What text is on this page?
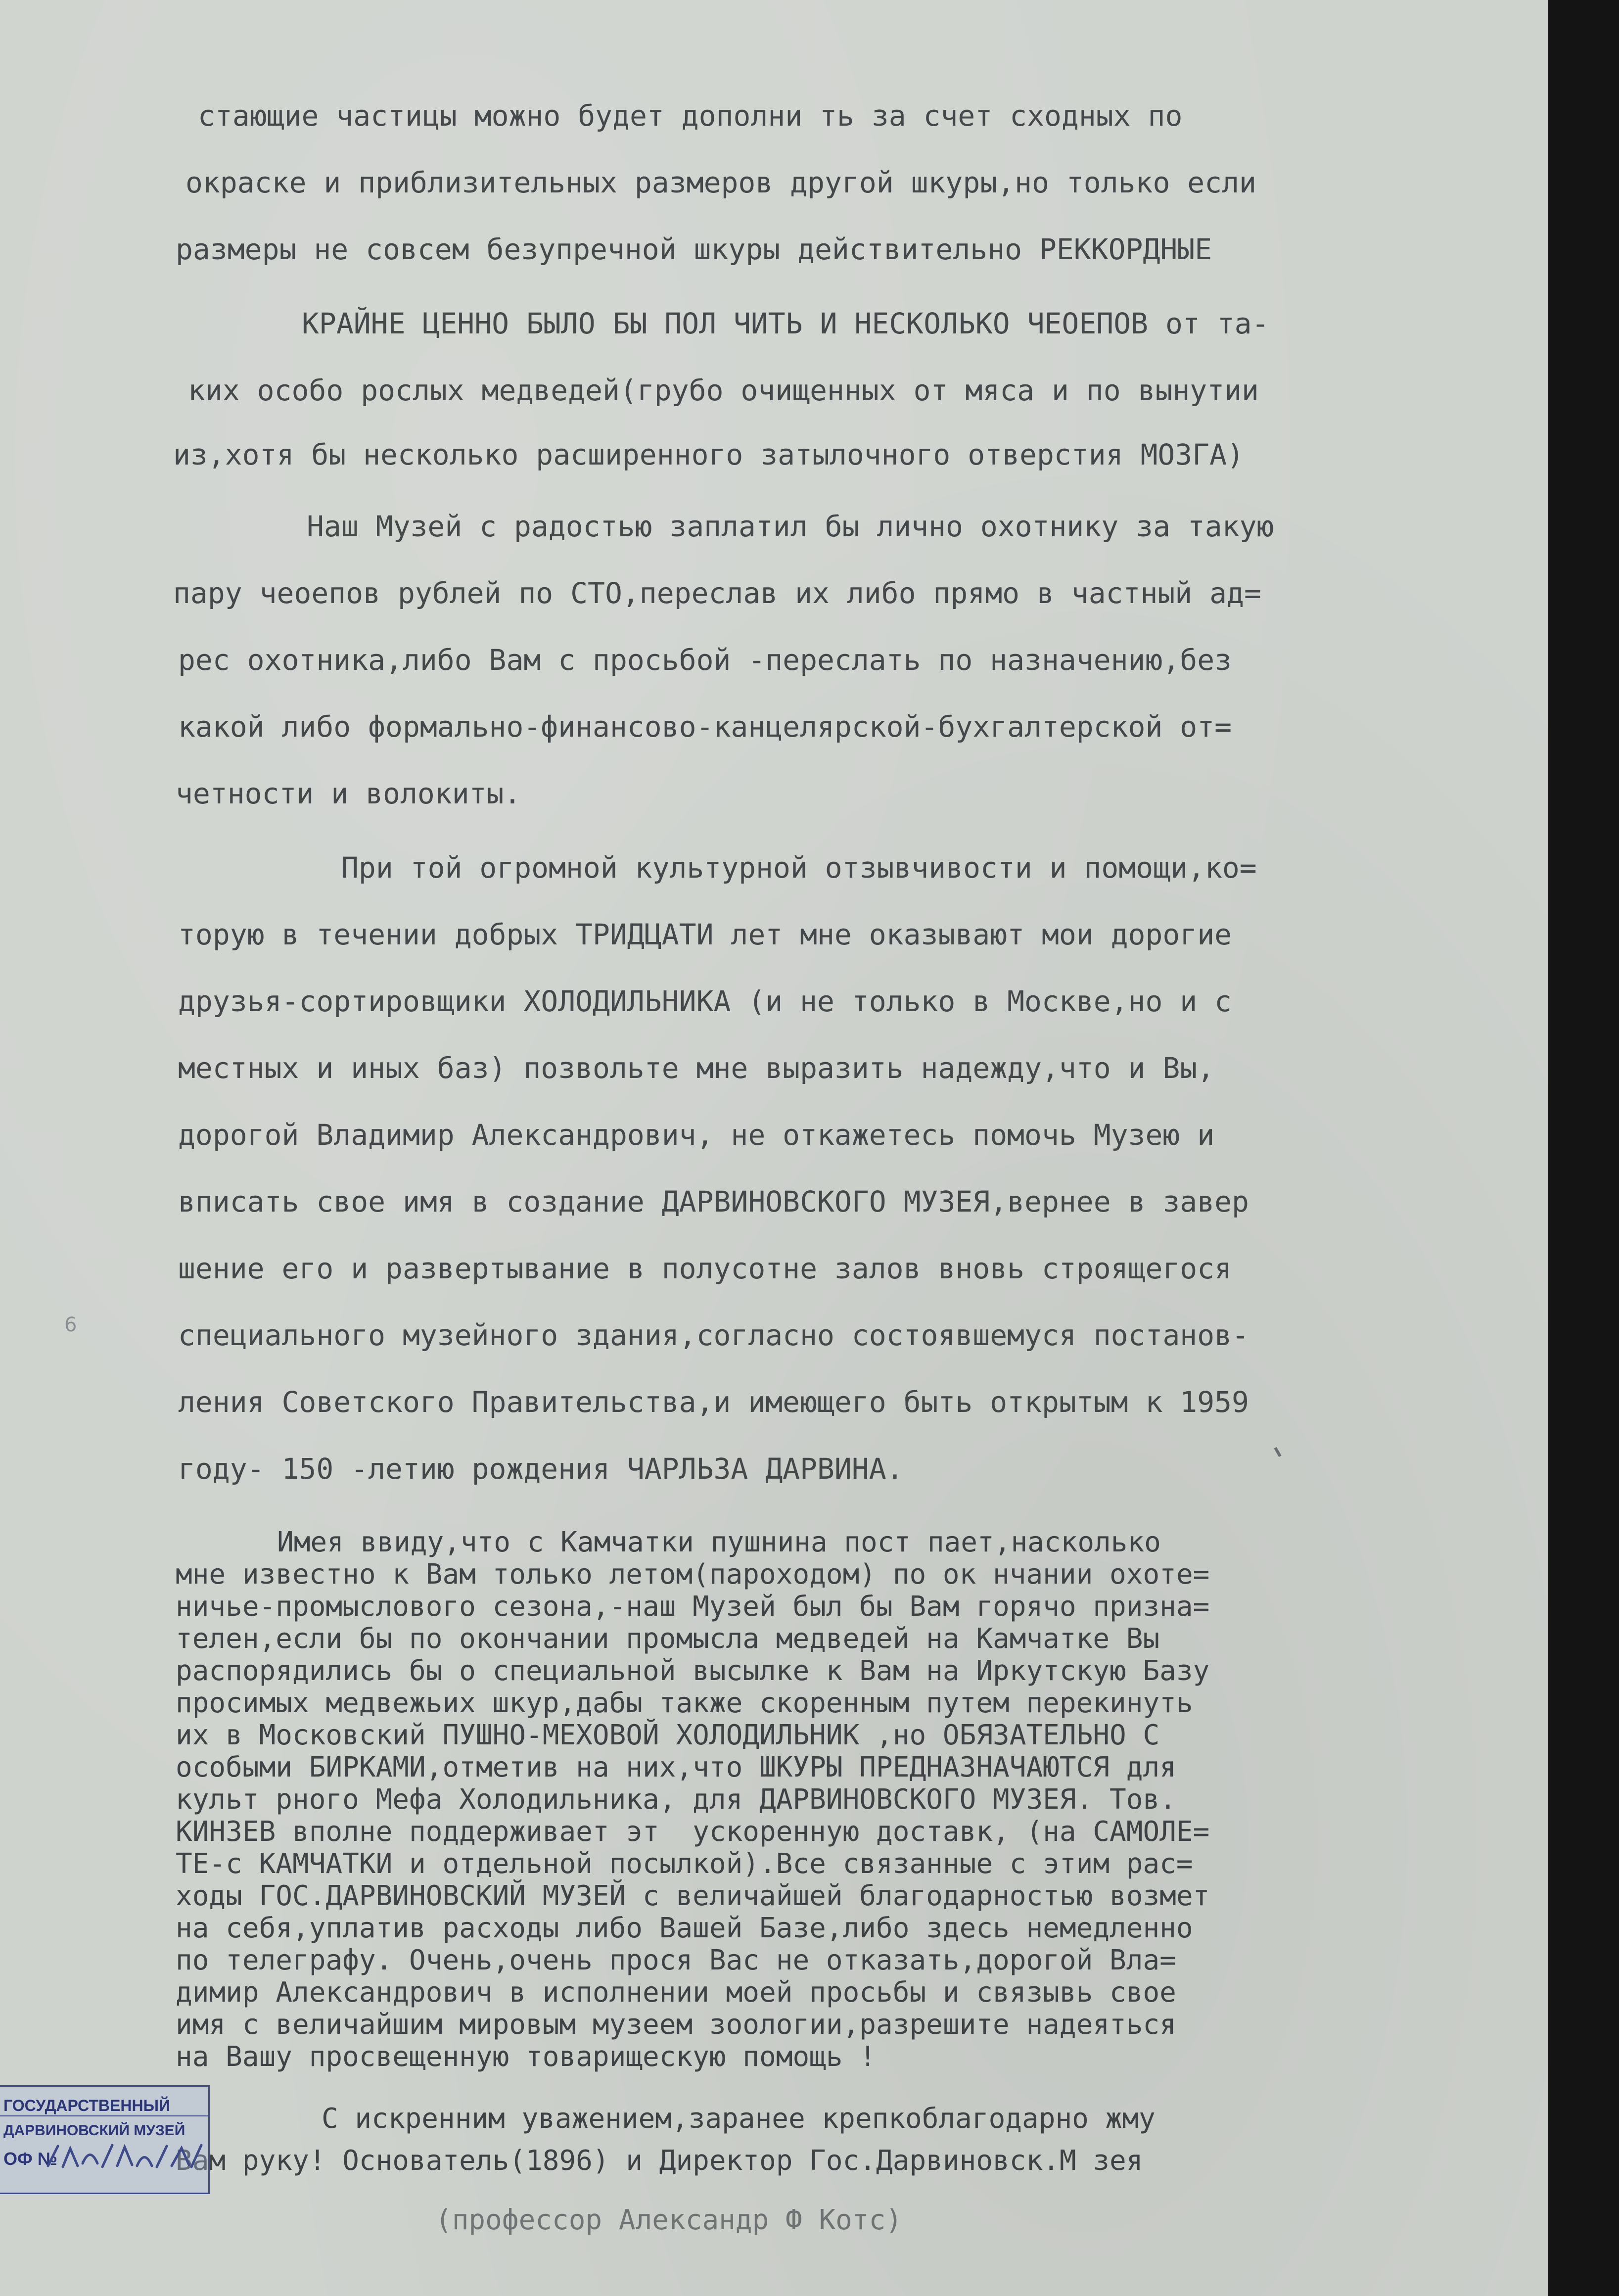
стающие частицы можно будет дополни ть за счет сходных по
окраске и приблизительных размеров другой шкуры,но только если
размеры не совсем безупречной шкуры действительно РЕККОРДНЫЕ
КРАЙНЕ ЦЕННО БЫЛО БЫ ПОЛ ЧИТЬ И НЕСКОЛЬКО ЧЕОЕПОВ от та-
ких особо рослых медведей(грубо очищенных от мяса и по вынутии
из,хотя бы несколько расширенного затылочного отверстия МОЗГА)
Наш Музей с радостью заплатил бы лично охотнику за такую
пару чеоепов рублей по СТО,переслав их либо прямо в частный ад=
рес охотника,либо Вам с просьбой -переслать по назначению,без
какой либо формально-финансово-канцелярской-бухгалтерской от=
четности и волокиты.
При той огромной культурной отзывчивости и помощи,ко=
торую в течении добрых ТРИДЦАТИ лет мне оказывают мои дорогие
друзья-сортировщики ХОЛОДИЛЬНИКА (и не только в Москве,но и с
местных и иных баз) позвольте мне выразить надежду,что и Вы,
дорогой Владимир Александрович, не откажетесь помочь Музею и
вписать свое имя в создание ДАРВИНОВСКОГО МУЗЕЯ,вернее в завер
шение его и развертывание в полусотне залов вновь строящегося
специального музейного здания,согласно состоявшемуся постанов-
ления Советского Правительства,и имеющего быть открытым к 1959
году- 150 -летию рождения ЧАРЛЬЗА ДАРВИНА.
Имея ввиду,что с Камчатки пушнина пост пает,насколько
мне известно к Вам только летом(пароходом) по ок нчании охоте=
ничье-промыслового сезона,-наш Музей был бы Вам горячо призна=
телен,если бы по окончании промысла медведей на Камчатке Вы
распорядились бы о специальной высылке к Вам на Иркутскую Базу
просимых медвежьих шкур,дабы также скоренным путем перекинуть
их в Московский ПУШНО-МЕХОВОЙ ХОЛОДИЛЬНИК ,но ОБЯЗАТЕЛЬНО С
особыми БИРКАМИ,отметив на них,что ШКУРЫ ПРЕДНАЗНАЧАЮТСЯ для
культ рного Мефа Холодильника, для ДАРВИНОВСКОГО МУЗЕЯ. Тов.
КИНЗЕВ вполне поддерживает эт  ускоренную доставк, (на САМОЛЕ=
ТЕ-с КАМЧАТКИ и отдельной посылкой).Все связанные с этим рас=
ходы ГОС.ДАРВИНОВСКИЙ МУЗЕЙ с величайшей благодарностью возмет
на себя,уплатив расходы либо Вашей Базе,либо здесь немедленно
по телеграфу. Очень,очень прося Вас не отказать,дорогой Вла=
димир Александрович в исполнении моей просьбы и связывь свое
имя с величайшим мировым музеем зоологии,разрешите надеяться
на Вашу просвещенную товарищескую помощь !
С искренним уважением,заранее крепкоблагодарно жму
Вам руку! Основатель(1896) и Директор Гос.Дарвиновск.М зея
(профессор Александр Ф Котс)
6
ГОСУДАРСТВЕННЫЙ
ДАРВИНОВСКИЙ МУЗЕЙ
ОФ №
